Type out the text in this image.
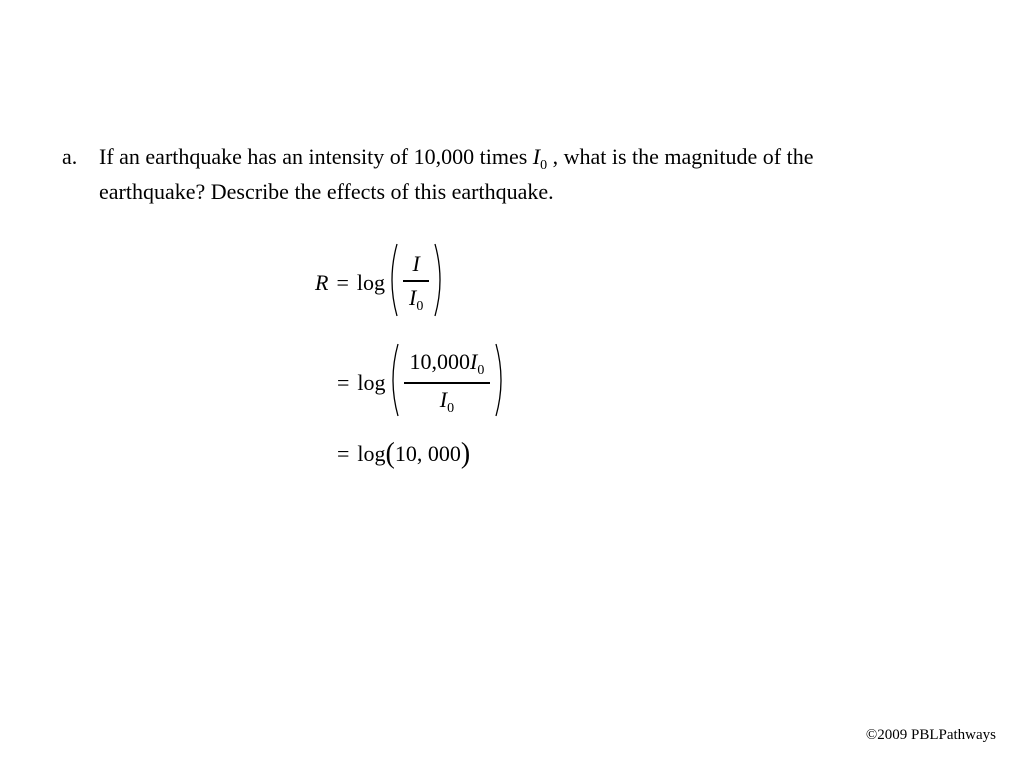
a. If an earthquake has an intensity of 10,000 times $I_0$ , what is the magnitude of the
earthquake? Describe the effects of this earthquake.
$R = \log \frac{I}{I_0}$
= $\log \frac{10,000I_0}{I_0}$
= log ( 10, 000 )
©2009 PBLPathways
